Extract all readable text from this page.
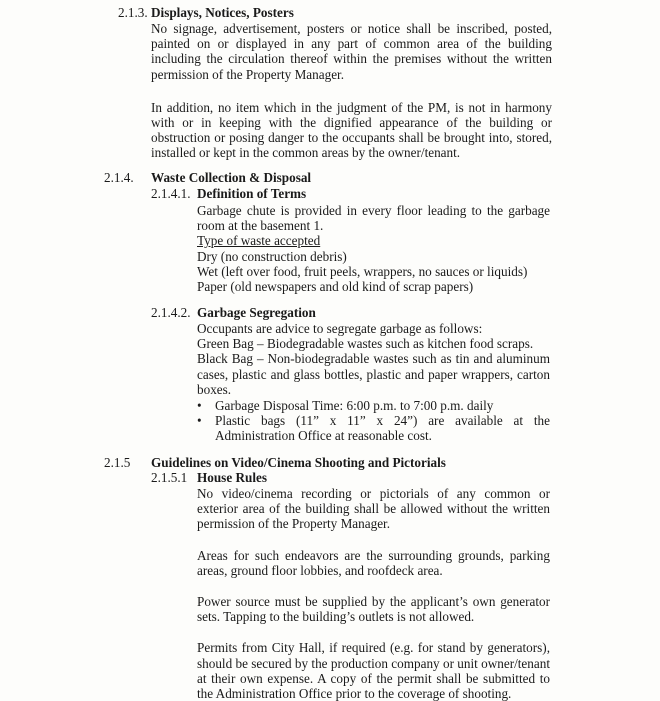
2.1.3. Displays, Notices, Posters

No signage, advertisement, posters or notice shall be inscribed, posted, painted on or displayed in any part of common area of the building including the circulation thereof within the premises without the written permission of the Property Manager.

In addition, no item which in the judgment of the PM, is not in harmony with or in keeping with the dignified appearance of the building or obstruction or posing danger to the occupants shall be brought into, stored, installed or kept in the common areas by the owner/tenant.

2.1.4. Waste Collection & Disposal
2.1.4.1. Definition of Terms

Garbage chute is provided in every floor leading to the garbage room at the basement 1.

Type of waste accepted

Dry (no construction debris)

Wet (left over food, fruit peels, wrappers, no sauces or liquids)

Paper (old newspapers and old kind of scrap papers)

2.1.4.2. Garbage Segregation

Occupants are advice to segregate garbage as follows:

Green Bag – Biodegradable wastes such as kitchen food scraps.

Black Bag – Non-biodegradable wastes such as tin and aluminum cases, plastic and glass bottles, plastic and paper wrappers, carton boxes.

• Garbage Disposal Time: 6:00 p.m. to 7:00 p.m. daily
• Plastic bags (11” x 11” x 24”) are available at the Administration Office at reasonable cost.
2.1.5 Guidelines on Video/Cinema Shooting and Pictorials
2.1.5.1 House Rules

No video/cinema recording or pictorials of any common or exterior area of the building shall be allowed without the written permission of the Property Manager.

Areas for such endeavors are the surrounding grounds, parking areas, ground floor lobbies, and roofdeck area.

Power source must be supplied by the applicant’s own generator sets. Tapping to the building’s outlets is not allowed.

Permits from City Hall, if required (e.g. for stand by generators), should be secured by the production company or unit owner/tenant at their own expense. A copy of the permit shall be submitted to the Administration Office prior to the coverage of shooting.
